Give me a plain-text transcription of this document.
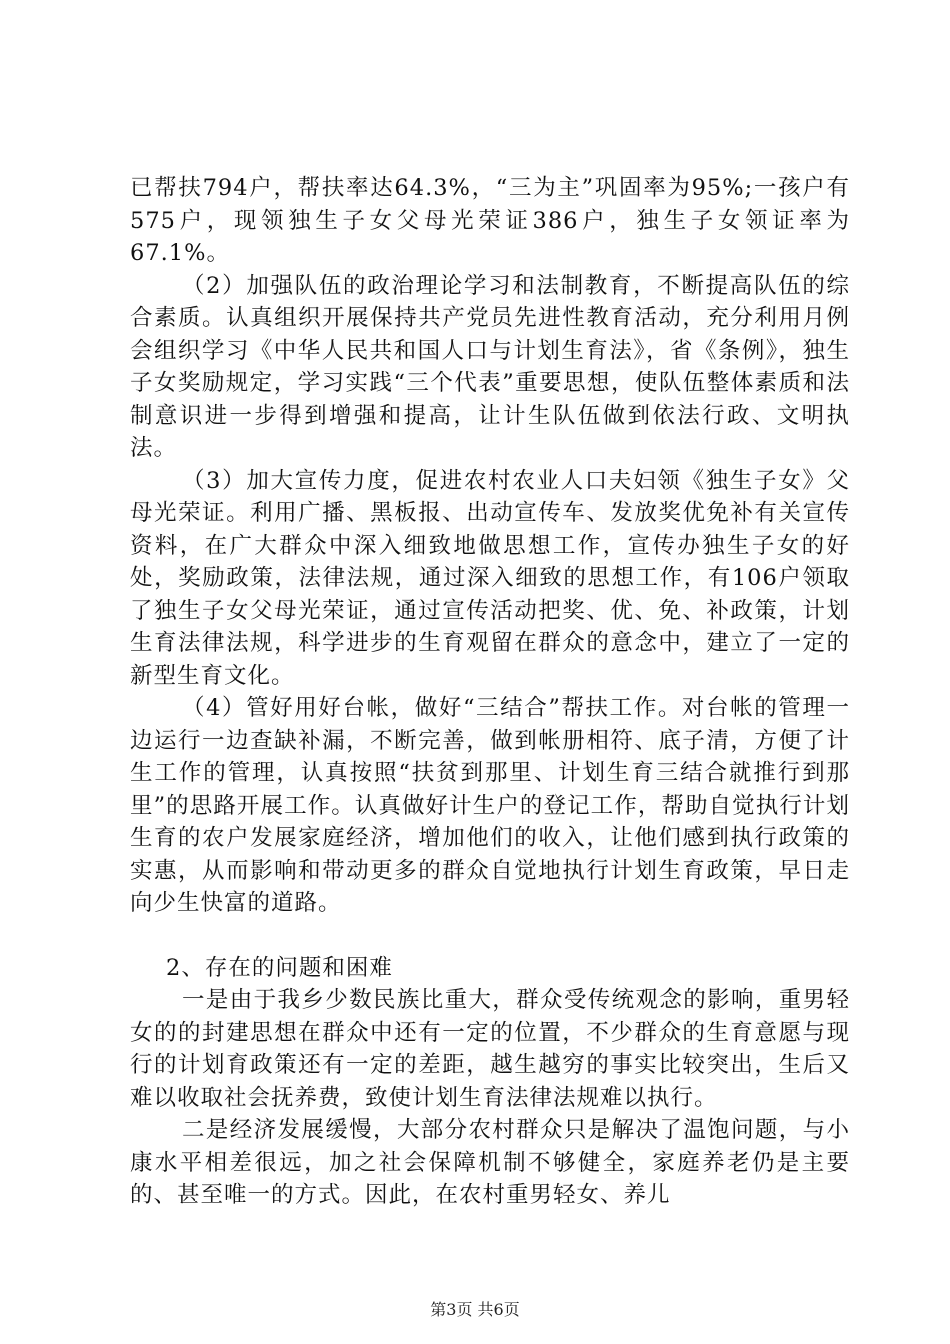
已帮扶794户，帮扶率达64.3%，“三为主”巩固率为95%;一孩户有575户，现领独生子女父母光荣证386户，独生子女领证率为67.1%。

（2）加强队伍的政治理论学习和法制教育，不断提高队伍的综合素质。认真组织开展保持共产党员先进性教育活动，充分利用月例会组织学习《中华人民共和国人口与计划生育法》，省《条例》，独生子女奖励规定，学习实践“三个代表”重要思想，使队伍整体素质和法制意识进一步得到增强和提高，让计生队伍做到依法行政、文明执法。

（3）加大宣传力度，促进农村农业人口夫妇领《独生子女》父母光荣证。利用广播、黑板报、出动宣传车、发放奖优免补有关宣传资料，在广大群众中深入细致地做思想工作，宣传办独生子女的好处，奖励政策，法律法规，通过深入细致的思想工作，有106户领取了独生子女父母光荣证，通过宣传活动把奖、优、免、补政策，计划生育法律法规，科学进步的生育观留在群众的意念中，建立了一定的新型生育文化。

（4）管好用好台帐，做好“三结合”帮扶工作。对台帐的管理一边运行一边查缺补漏，不断完善，做到帐册相符、底子清，方便了计生工作的管理，认真按照“扶贫到那里、计划生育三结合就推行到那里”的思路开展工作。认真做好计生户的登记工作，帮助自觉执行计划生育的农户发展家庭经济，增加他们的收入，让他们感到执行政策的实惠，从而影响和带动更多的群众自觉地执行计划生育政策，早日走向少生快富的道路。

2、存在的问题和困难

一是由于我乡少数民族比重大，群众受传统观念的影响，重男轻女的的封建思想在群众中还有一定的位置，不少群众的生育意愿与现行的计划育政策还有一定的差距，越生越穷的事实比较突出，生后又难以收取社会抚养费，致使计划生育法律法规难以执行。

二是经济发展缓慢，大部分农村群众只是解决了温饱问题，与小康水平相差很远，加之社会保障机制不够健全，家庭养老仍是主要的、甚至唯一的方式。因此，在农村重男轻女、养儿

第3页 共6页
